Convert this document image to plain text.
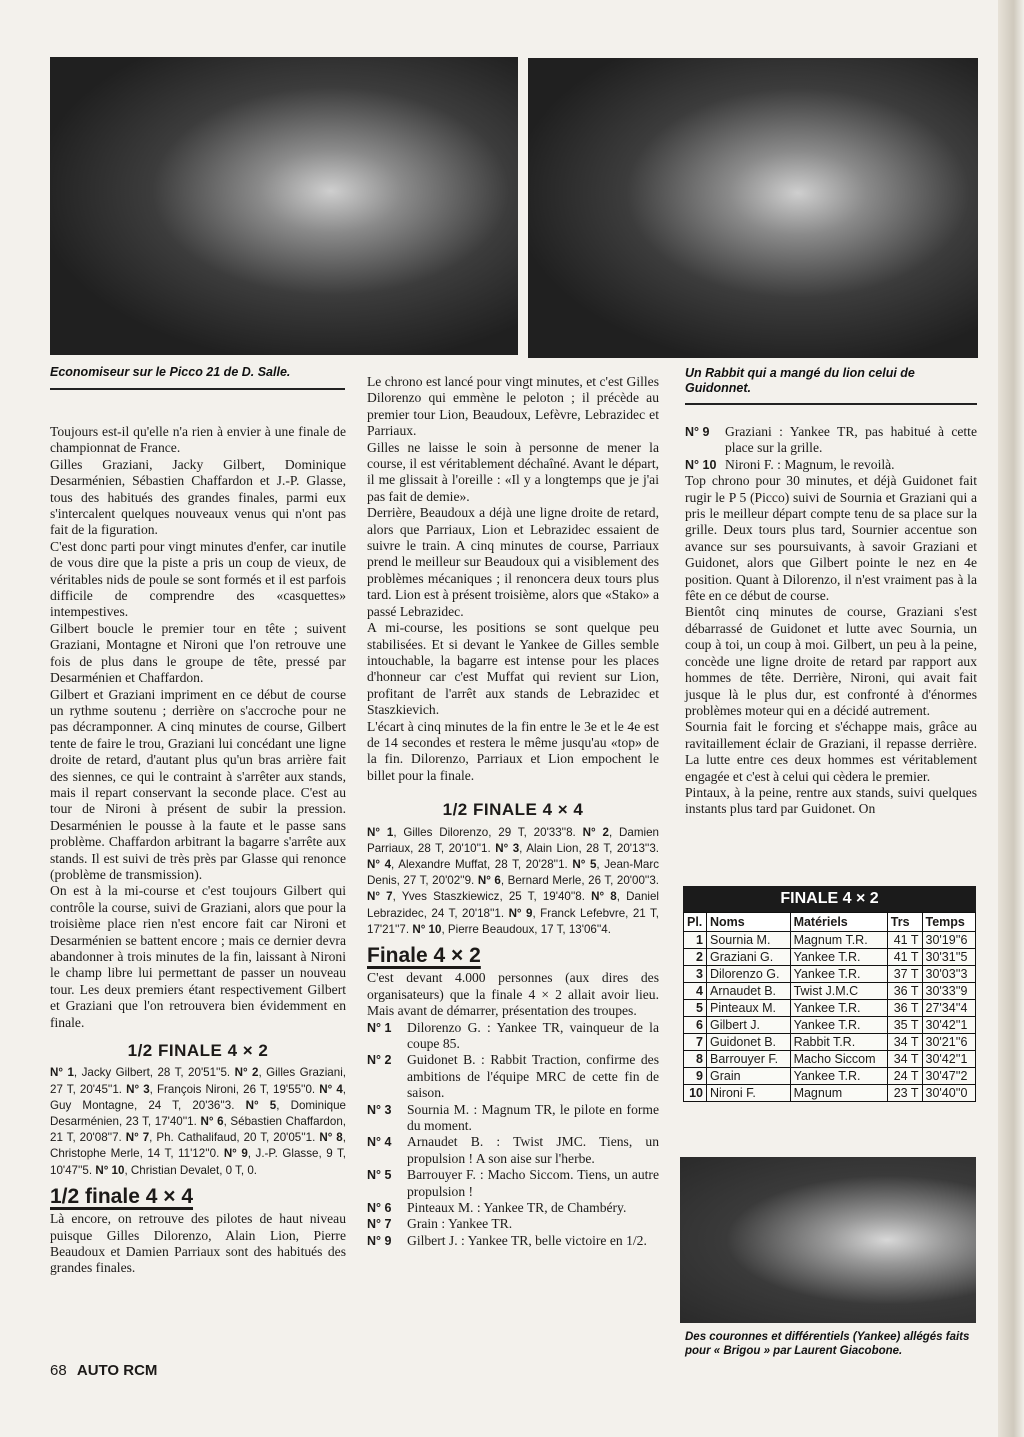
Economiseur sur le Picco 21 de D. Salle.	Un Rabbit qui a mangé du lion celui de Guidonnet.
Des couronnes et différentiels (Yankee) allégés faits pour « Brigou » par Laurent Giacobone.

Toujours est-il qu'elle n'a rien à envier à une finale de championnat de France.

Gilles Graziani, Jacky Gilbert, Dominique Desarménien, Sébastien Chaffardon et J.-P. Glasse, tous des habitués des grandes finales, parmi eux s'intercalent quelques nouveaux venus qui n'ont pas fait de la figuration.

C'est donc parti pour vingt minutes d'enfer, car inutile de vous dire que la piste a pris un coup de vieux, de véritables nids de poule se sont formés et il est parfois difficile de comprendre des «casquettes» intempestives.

Gilbert boucle le premier tour en tête ; suivent Graziani, Montagne et Nironi que l'on retrouve une fois de plus dans le groupe de tête, pressé par Desarménien et Chaffardon.

Gilbert et Graziani impriment en ce début de course un rythme soutenu ; derrière on s'accroche pour ne pas décramponner. A cinq minutes de course, Gilbert tente de faire le trou, Graziani lui concédant une ligne droite de retard, d'autant plus qu'un bras arrière fait des siennes, ce qui le contraint à s'arrêter aux stands, mais il repart conservant la seconde place. C'est au tour de Nironi à présent de subir la pression. Desarménien le pousse à la faute et le passe sans problème. Chaffardon arbitrant la bagarre s'arrête aux stands. Il est suivi de très près par Glasse qui renonce (problème de transmission).

On est à la mi-course et c'est toujours Gilbert qui contrôle la course, suivi de Graziani, alors que pour la troisième place rien n'est encore fait car Nironi et Desarménien se battent encore ; mais ce dernier devra abandonner à trois minutes de la fin, laissant à Nironi le champ libre lui permettant de passer un nouveau tour. Les deux premiers étant respectivement Gilbert et Graziani que l'on retrouvera bien évidemment en finale.

1/2 FINALE 4 × 2
N° 1, Jacky Gilbert, 28 T, 20'51''5. N° 2, Gilles Graziani, 27 T, 20'45''1. N° 3, François Nironi, 26 T, 19'55''0. N° 4, Guy Montagne, 24 T, 20'36''3. N° 5, Dominique Desarménien, 23 T, 17'40''1. N° 6, Sébastien Chaffardon, 21 T, 20'08''7. N° 7, Ph. Cathalifaud, 20 T, 20'05''1. N° 8, Christophe Merle, 14 T, 11'12''0. N° 9, J.-P. Glasse, 9 T, 10'47''5. N° 10, Christian Devalet, 0 T, 0.
1/2 finale 4 × 4

Là encore, on retrouve des pilotes de haut niveau puisque Gilles Dilorenzo, Alain Lion, Pierre Beaudoux et Damien Parriaux sont des habitués des grandes finales.

Le chrono est lancé pour vingt minutes, et c'est Gilles Dilorenzo qui emmène le peloton ; il précède au premier tour Lion, Beaudoux, Lefèvre, Lebrazidec et Parriaux.

Gilles ne laisse le soin à personne de mener la course, il est véritablement déchaîné. Avant le départ, il me glissait à l'oreille : «Il y a longtemps que je j'ai pas fait de demie».

Derrière, Beaudoux a déjà une ligne droite de retard, alors que Parriaux, Lion et Lebrazidec essaient de suivre le train. A cinq minutes de course, Parriaux prend le meilleur sur Beaudoux qui a visiblement des problèmes mécaniques ; il renoncera deux tours plus tard. Lion est à présent troisième, alors que «Stako» a passé Lebrazidec.

A mi-course, les positions se sont quelque peu stabilisées. Et si devant le Yankee de Gilles semble intouchable, la bagarre est intense pour les places d'honneur car c'est Muffat qui revient sur Lion, profitant de l'arrêt aux stands de Lebrazidec et Staszkievich.

L'écart à cinq minutes de la fin entre le 3e et le 4e est de 14 secondes et restera le même jusqu'au «top» de la fin. Dilorenzo, Parriaux et Lion empochent le billet pour la finale.

1/2 FINALE 4 × 4
N° 1, Gilles Dilorenzo, 29 T, 20'33''8. N° 2, Damien Parriaux, 28 T, 20'10''1. N° 3, Alain Lion, 28 T, 20'13''3. N° 4, Alexandre Muffat, 28 T, 20'28''1. N° 5, Jean-Marc Denis, 27 T, 20'02''9. N° 6, Bernard Merle, 26 T, 20'00''3. N° 7, Yves Staszkiewicz, 25 T, 19'40''8. N° 8, Daniel Lebrazidec, 24 T, 20'18''1. N° 9, Franck Lefebvre, 21 T, 17'21''7. N° 10, Pierre Beaudoux, 17 T, 13'06''4.
Finale 4 × 2

C'est devant 4.000 personnes (aux dires des organisateurs) que la finale 4 × 2 allait avoir lieu. Mais avant de démarrer, présentation des troupes.

N° 1	Dilorenzo G. : Yankee TR, vainqueur de la coupe 85.
N° 2	Guidonet B. : Rabbit Traction, confirme des ambitions de l'équipe MRC de cette fin de saison.
N° 3	Sournia M. : Magnum TR, le pilote en forme du moment.
N° 4	Arnaudet B. : Twist JMC. Tiens, un propulsion ! A son aise sur l'herbe.
N° 5	Barrouyer F. : Macho Siccom. Tiens, un autre propulsion !
N° 6	Pinteaux M. : Yankee TR, de Chambéry.
N° 7	Grain : Yankee TR.
N° 9	Gilbert J. : Yankee TR, belle victoire en 1/2.
N° 9	Graziani : Yankee TR, pas habitué à cette place sur la grille.
N° 10 Nironi F. : Magnum, le revoilà.

Top chrono pour 30 minutes, et déjà Guidonet fait rugir le P 5 (Picco) suivi de Sournia et Graziani qui a pris le meilleur départ compte tenu de sa place sur la grille. Deux tours plus tard, Sournier accentue son avance sur ses poursuivants, à savoir Graziani et Guidonet, alors que Gilbert pointe le nez en 4e position. Quant à Dilorenzo, il n'est vraiment pas à la fête en ce début de course.

Bientôt cinq minutes de course, Graziani s'est débarrassé de Guidonet et lutte avec Sournia, un coup à toi, un coup à moi. Gilbert, un peu à la peine, concède une ligne droite de retard par rapport aux hommes de tête. Derrière, Nironi, qui avait fait jusque là le plus dur, est confronté à d'énormes problèmes moteur qui en a décidé autrement.

Sournia fait le forcing et s'échappe mais, grâce au ravitaillement éclair de Graziani, il repasse derrière. La lutte entre ces deux hommes est véritablement engagée et c'est à celui qui cèdera le premier.

Pintaux, à la peine, rentre aux stands, suivi quelques instants plus tard par Guidonet. On

FINALE 4 × 2
Pl.	Noms	Matériels	Trs	Temps
1	Sournia M.	Magnum T.R.	41 T	30'19''6
2	Graziani G.	Yankee T.R.	41 T	30'31''5
3	Dilorenzo G.	Yankee T.R.	37 T	30'03''3
4	Arnaudet B.	Twist J.M.C	36 T	30'33''9
5	Pinteaux M.	Yankee T.R.	36 T	27'34''4
6	Gilbert J.	Yankee T.R.	35 T	30'42''1
7	Guidonet B.	Rabbit T.R.	34 T	30'21''6
8	Barrouyer F.	Macho Siccom	34 T	30'42''1
9	Grain	Yankee T.R.	24 T	30'47''2
10	Nironi F.	Magnum	23 T	30'40''0
68 AUTO RCM
